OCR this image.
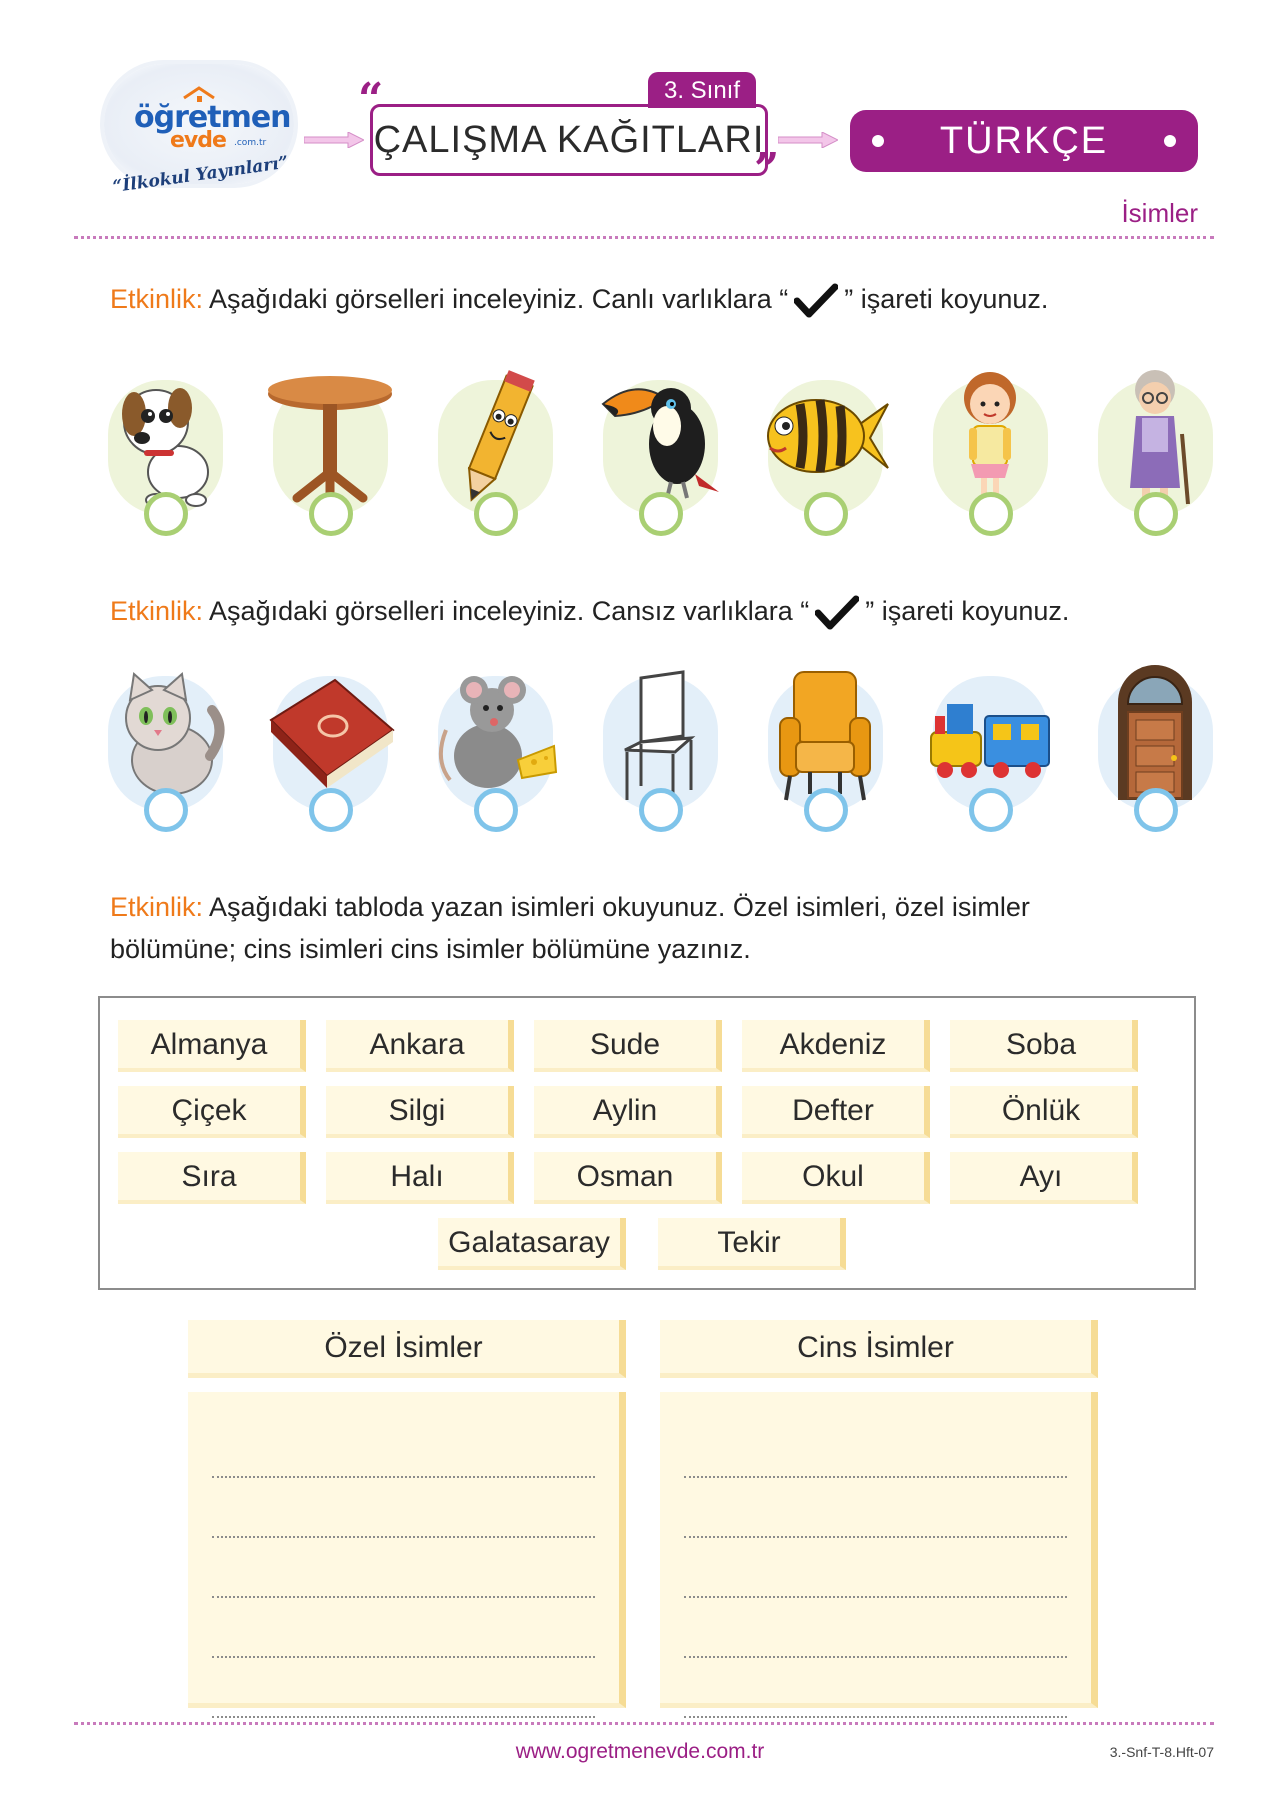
öğretmen
evde .com.tr
“İlkokul Yayınları”
“	3. Sınıf
ÇALIŞMA KAĞITLARI
”
TÜRKÇE
İsimler
Etkinlik: Aşağıdaki görselleri inceleyiniz. Canlı varlıklara “ ” işareti koyunuz.
Etkinlik: Aşağıdaki görselleri inceleyiniz. Cansız varlıklara “ ” işareti koyunuz.
Etkinlik: Aşağıdaki tabloda yazan isimleri okuyunuz. Özel isimleri, özel isimler
bölümüne; cins isimleri cins isimler bölümüne yazınız.
Almanya	Ankara	Sude	Akdeniz	Soba
Çiçek	Silgi	Aylin	Defter	Önlük
Sıra	Halı	Osman	Okul	Ayı
Galatasaray	Tekir
Özel İsimler	Cins İsimler
www.ogretmenevde.com.tr	3.-Snf-T-8.Hft-07
